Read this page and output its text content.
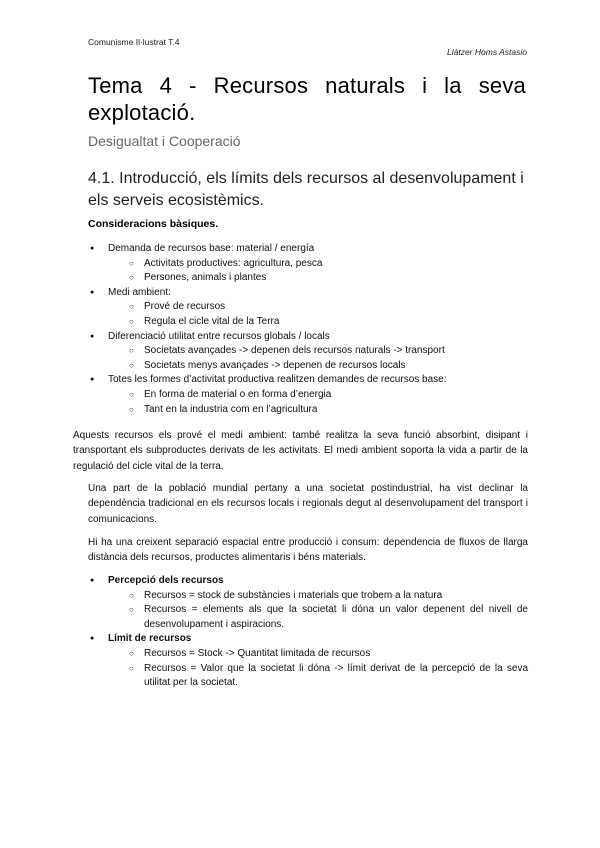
Comunisme Il·lustrat T.4
Llàtzer Homs Astasio
Tema 4 - Recursos naturals i la seva explotació.
Desigualtat i Cooperació
4.1. Introducció, els límits dels recursos al desenvolupament i els serveis ecosistèmics.
Consideracions bàsiques.
● Demanda de recursos base: material / energía
○ Activitats productives: agricultura, pesca
○ Persones, animals i plantes
● Medi ambient:
○ Prové de recursos
○ Regula el cicle vital de la Terra
● Diferenciació utilitat entre recursos globals / locals
○ Societats avançades -> depenen dels recursos naturals -> transport
○ Societats menys avançades -> depenen de recursos locals
● Totes les formes d’activitat productiva realitzen demandes de recursos base:
○ En forma de material o en forma d’energia
○ Tant en la industria com en l’agricultura

Aquests recursos els prové el medi ambient: també realitza la seva funció absorbint, disipant i transportant els subproductes derivats de les activitats. El medi ambient soporta la vida a partir de la regulació del cicle vital de la terra.

Una part de la població mundial pertany a una societat postindustrial, ha vist declinar la dependència tradicional en els recursos locals i regionals degut al desenvolupament del transport i comunicacions.

Hi ha una creixent separació espacial entre producció i consum: dependencia de fluxos de llarga distància dels recursos, productes alimentaris i béns materials.

● Percepció dels recursos
○ Recursos = stock de substàncies i materials que trobem a la natura
○ Recursos = elements als que la societat li dóna un valor depenent del nivell de desenvolupament i aspiracions.
● Límit de recursos
○ Recursos = Stock -> Quantitat limitada de recursos
○ Recursos = Valor que la societat li dóna -> límit derivat de la percepció de la seva utilitat per la societat.
